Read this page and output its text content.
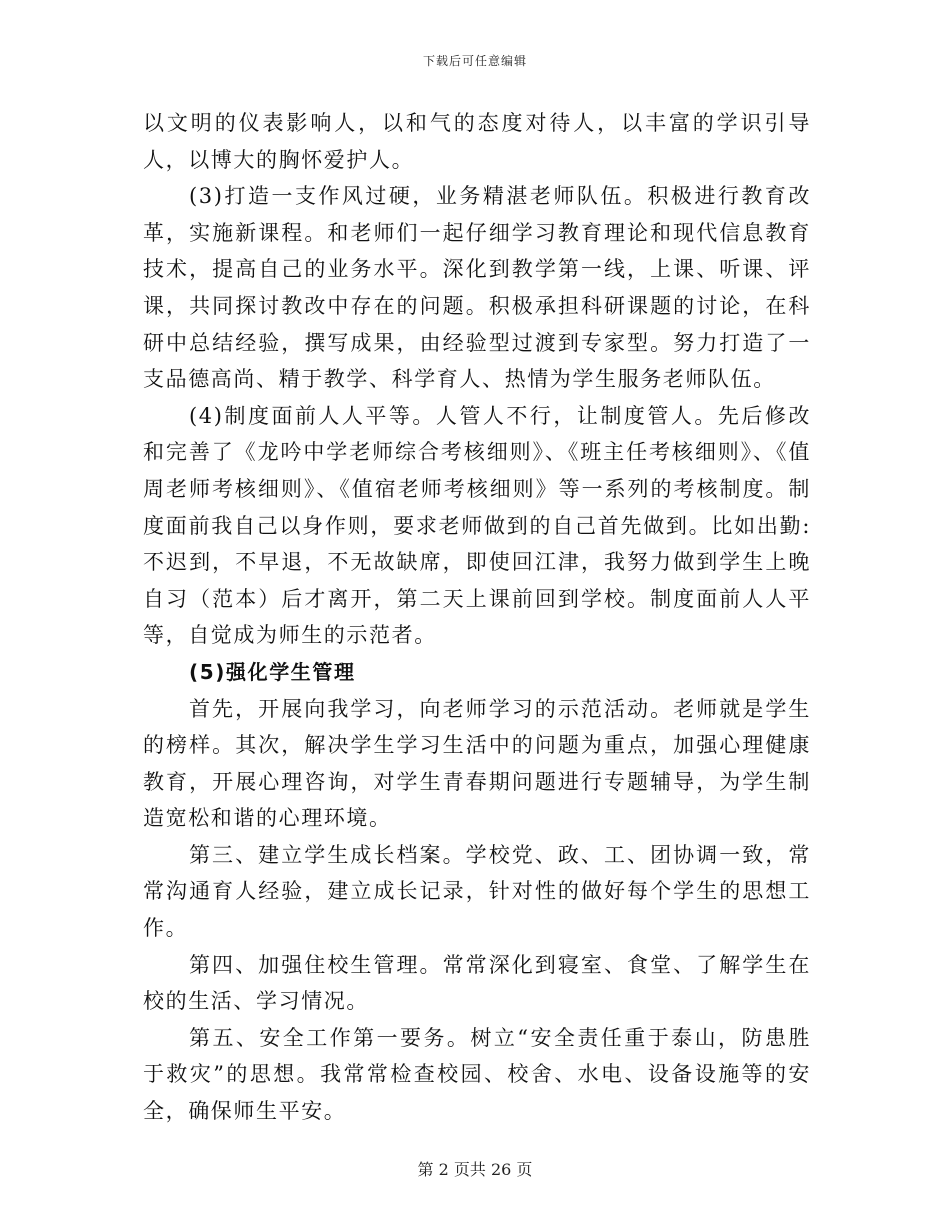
下载后可任意编辑

以文明的仪表影响人，以和气的态度对待人，以丰富的学识引导人，以博大的胸怀爱护人。

(3)打造一支作风过硬，业务精湛老师队伍。积极进行教育改革，实施新课程。和老师们一起仔细学习教育理论和现代信息教育技术，提高自己的业务水平。深化到教学第一线，上课、听课、评课，共同探讨教改中存在的问题。积极承担科研课题的讨论，在科研中总结经验，撰写成果，由经验型过渡到专家型。努力打造了一支品德高尚、精于教学、科学育人、热情为学生服务老师队伍。

(4)制度面前人人平等。人管人不行，让制度管人。先后修改和完善了《龙吟中学老师综合考核细则》、《班主任考核细则》、《值周老师考核细则》、《值宿老师考核细则》等一系列的考核制度。制度面前我自己以身作则，要求老师做到的自己首先做到。比如出勤:不迟到，不早退，不无故缺席，即使回江津，我努力做到学生上晚自习（范本）后才离开，第二天上课前回到学校。制度面前人人平等，自觉成为师生的示范者。

(5)强化学生管理

首先，开展向我学习，向老师学习的示范活动。老师就是学生的榜样。其次，解决学生学习生活中的问题为重点，加强心理健康教育，开展心理咨询，对学生青春期问题进行专题辅导，为学生制造宽松和谐的心理环境。

第三、建立学生成长档案。学校党、政、工、团协调一致，常常沟通育人经验，建立成长记录，针对性的做好每个学生的思想工作。

第四、加强住校生管理。常常深化到寝室、食堂、了解学生在校的生活、学习情况。

第五、安全工作第一要务。树立“安全责任重于泰山，防患胜于救灾”的思想。我常常检查校园、校舍、水电、设备设施等的安全，确保师生平安。

第 2 页共 26 页
